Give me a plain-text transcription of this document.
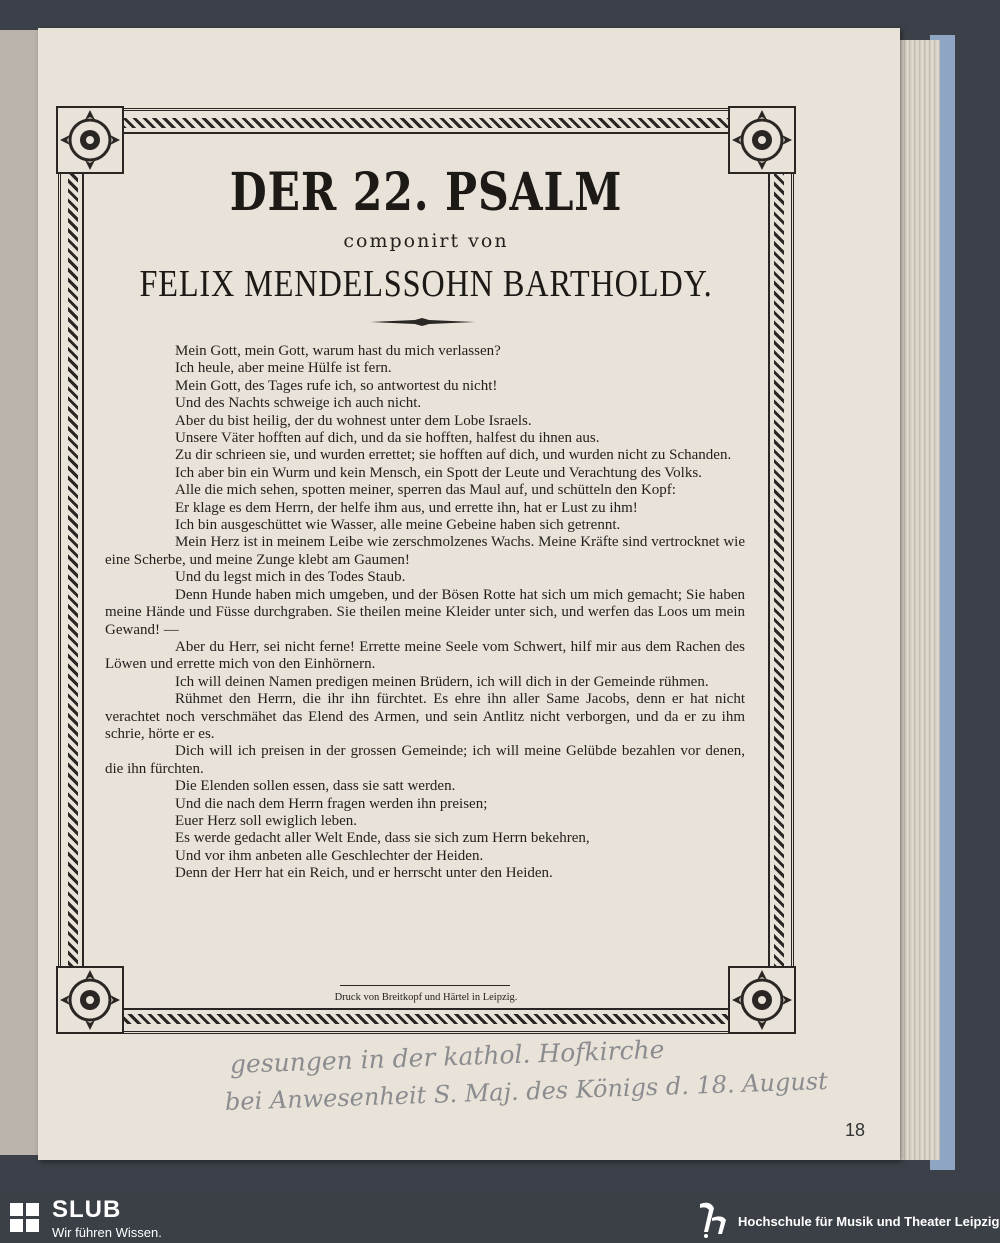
DER 22. PSALM
componirt von
FELIX MENDELSSOHN BARTHOLDY.

Mein Gott, mein Gott, warum hast du mich verlassen?

Ich heule, aber meine Hülfe ist fern.

Mein Gott, des Tages rufe ich, so antwortest du nicht!

Und des Nachts schweige ich auch nicht.

Aber du bist heilig, der du wohnest unter dem Lobe Israels.

Unsere Väter hofften auf dich, und da sie hofften, halfest du ihnen aus.

Zu dir schrieen sie, und wurden errettet; sie hofften auf dich, und wurden nicht zu Schanden.

Ich aber bin ein Wurm und kein Mensch, ein Spott der Leute und Verachtung des Volks.

Alle die mich sehen, spotten meiner, sperren das Maul auf, und schütteln den Kopf:

Er klage es dem Herrn, der helfe ihm aus, und errette ihn, hat er Lust zu ihm!

Ich bin ausgeschüttet wie Wasser, alle meine Gebeine haben sich getrennt.

Mein Herz ist in meinem Leibe wie zerschmolzenes Wachs. Meine Kräfte sind vertrocknet wie eine Scherbe, und meine Zunge klebt am Gaumen!

Und du legst mich in des Todes Staub.

Denn Hunde haben mich umgeben, und der Bösen Rotte hat sich um mich gemacht; Sie haben meine Hände und Füsse durchgraben. Sie theilen meine Kleider unter sich, und werfen das Loos um mein Gewand! —

Aber du Herr, sei nicht ferne! Errette meine Seele vom Schwert, hilf mir aus dem Rachen des Löwen und errette mich von den Einhörnern.

Ich will deinen Namen predigen meinen Brüdern, ich will dich in der Gemeinde rühmen.

Rühmet den Herrn, die ihr ihn fürchtet. Es ehre ihn aller Same Jacobs, denn er hat nicht verachtet noch verschmähet das Elend des Armen, und sein Antlitz nicht verborgen, und da er zu ihm schrie, hörte er es.

Dich will ich preisen in der grossen Gemeinde; ich will meine Gelübde bezahlen vor denen, die ihn fürchten.

Die Elenden sollen essen, dass sie satt werden.

Und die nach dem Herrn fragen werden ihn preisen;

Euer Herz soll ewiglich leben.

Es werde gedacht aller Welt Ende, dass sie sich zum Herrn bekehren,

Und vor ihm anbeten alle Geschlechter der Heiden.

Denn der Herr hat ein Reich, und er herrscht unter den Heiden.

Druck von Breitkopf und Härtel in Leipzig.
gesungen in der kathol. Hofkirche
bei Anwesenheit S. Maj. des Königs d. 18. August
18
SLUB
Wir führen Wissen.
Hochschule für Musik und Theater Leipzig
